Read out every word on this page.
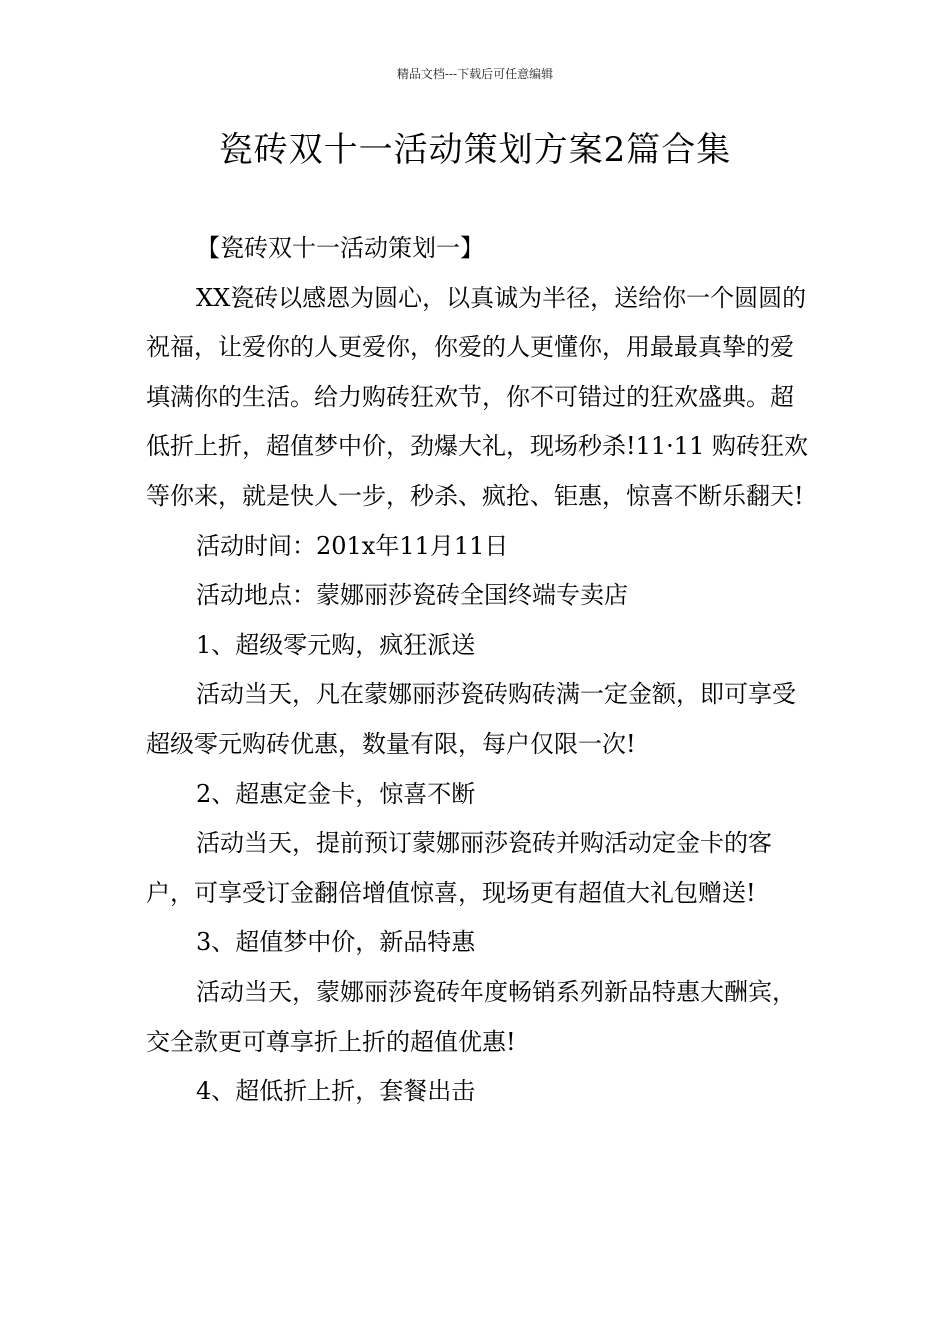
精品文档---下载后可任意编辑
瓷砖双十一活动策划方案2篇合集

【瓷砖双十一活动策划一】

XX瓷砖以感恩为圆心，以真诚为半径，送给你一个圆圆的祝福，让爱你的人更爱你，你爱的人更懂你，用最最真挚的爱填满你的生活。给力购砖狂欢节，你不可错过的狂欢盛典。超低折上折，超值梦中价，劲爆大礼，现场秒杀!11·11 购砖狂欢等你来，就是快人一步，秒杀、疯抢、钜惠，惊喜不断乐翻天!

活动时间：201x年11月11日

活动地点：蒙娜丽莎瓷砖全国终端专卖店

1、超级零元购，疯狂派送

活动当天，凡在蒙娜丽莎瓷砖购砖满一定金额，即可享受超级零元购砖优惠，数量有限，每户仅限一次!

2、超惠定金卡，惊喜不断

活动当天，提前预订蒙娜丽莎瓷砖并购活动定金卡的客户，可享受订金翻倍增值惊喜，现场更有超值大礼包赠送!

3、超值梦中价，新品特惠

活动当天，蒙娜丽莎瓷砖年度畅销系列新品特惠大酬宾，交全款更可尊享折上折的超值优惠!

4、超低折上折，套餐出击
